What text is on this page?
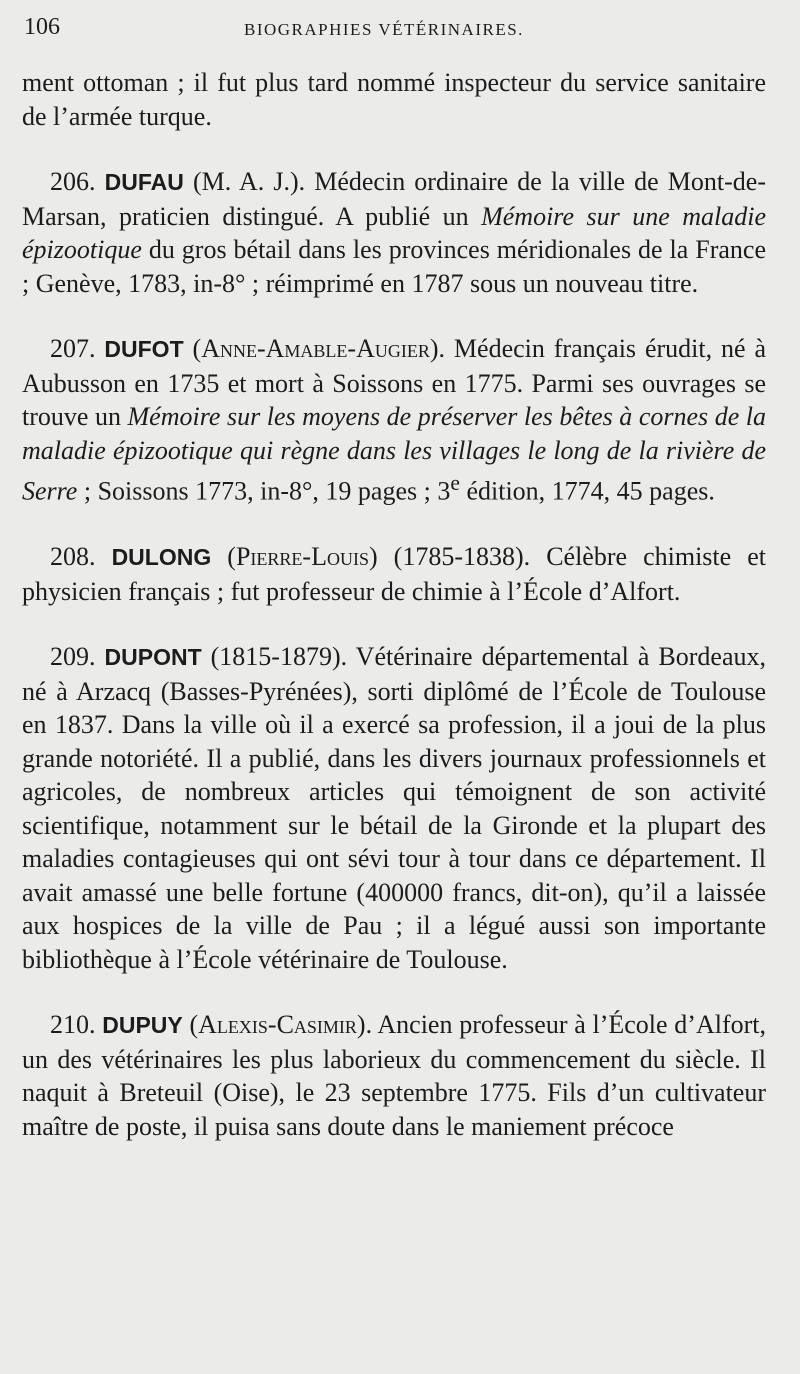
106	BIOGRAPHIES VÉTÉRINAIRES.

ment ottoman ; il fut plus tard nommé inspecteur du service sanitaire de l’armée turque.

206. DUFAU (M. A. J.). Médecin ordinaire de la ville de Mont-de-Marsan, praticien distingué. A publié un Mémoire sur une maladie épizootique du gros bétail dans les provinces méridionales de la France ; Genève, 1783, in-8° ; réimprimé en 1787 sous un nouveau titre.

207. DUFOT (Anne-Amable-Augier). Médecin français érudit, né à Aubusson en 1735 et mort à Soissons en 1775. Parmi ses ouvrages se trouve un Mémoire sur les moyens de préserver les bêtes à cornes de la maladie épizootique qui règne dans les villages le long de la rivière de Serre ; Soissons 1773, in-8°, 19 pages ; 3e édition, 1774, 45 pages.

208. DULONG (Pierre-Louis) (1785-1838). Célèbre chimiste et physicien français ; fut professeur de chimie à l’École d’Alfort.

209. DUPONT (1815-1879). Vétérinaire départemental à Bordeaux, né à Arzacq (Basses-Pyrénées), sorti diplômé de l’École de Toulouse en 1837. Dans la ville où il a exercé sa profession, il a joui de la plus grande notoriété. Il a publié, dans les divers journaux professionnels et agricoles, de nombreux articles qui témoignent de son activité scientifique, notamment sur le bétail de la Gironde et la plupart des maladies contagieuses qui ont sévi tour à tour dans ce département. Il avait amassé une belle fortune (400000 francs, dit-on), qu’il a laissée aux hospices de la ville de Pau ; il a légué aussi son importante bibliothèque à l’École vétérinaire de Toulouse.

210. DUPUY (Alexis-Casimir). Ancien professeur à l’École d’Alfort, un des vétérinaires les plus laborieux du commencement du siècle. Il naquit à Breteuil (Oise), le 23 septembre 1775. Fils d’un cultivateur maître de poste, il puisa sans doute dans le maniement précoce
